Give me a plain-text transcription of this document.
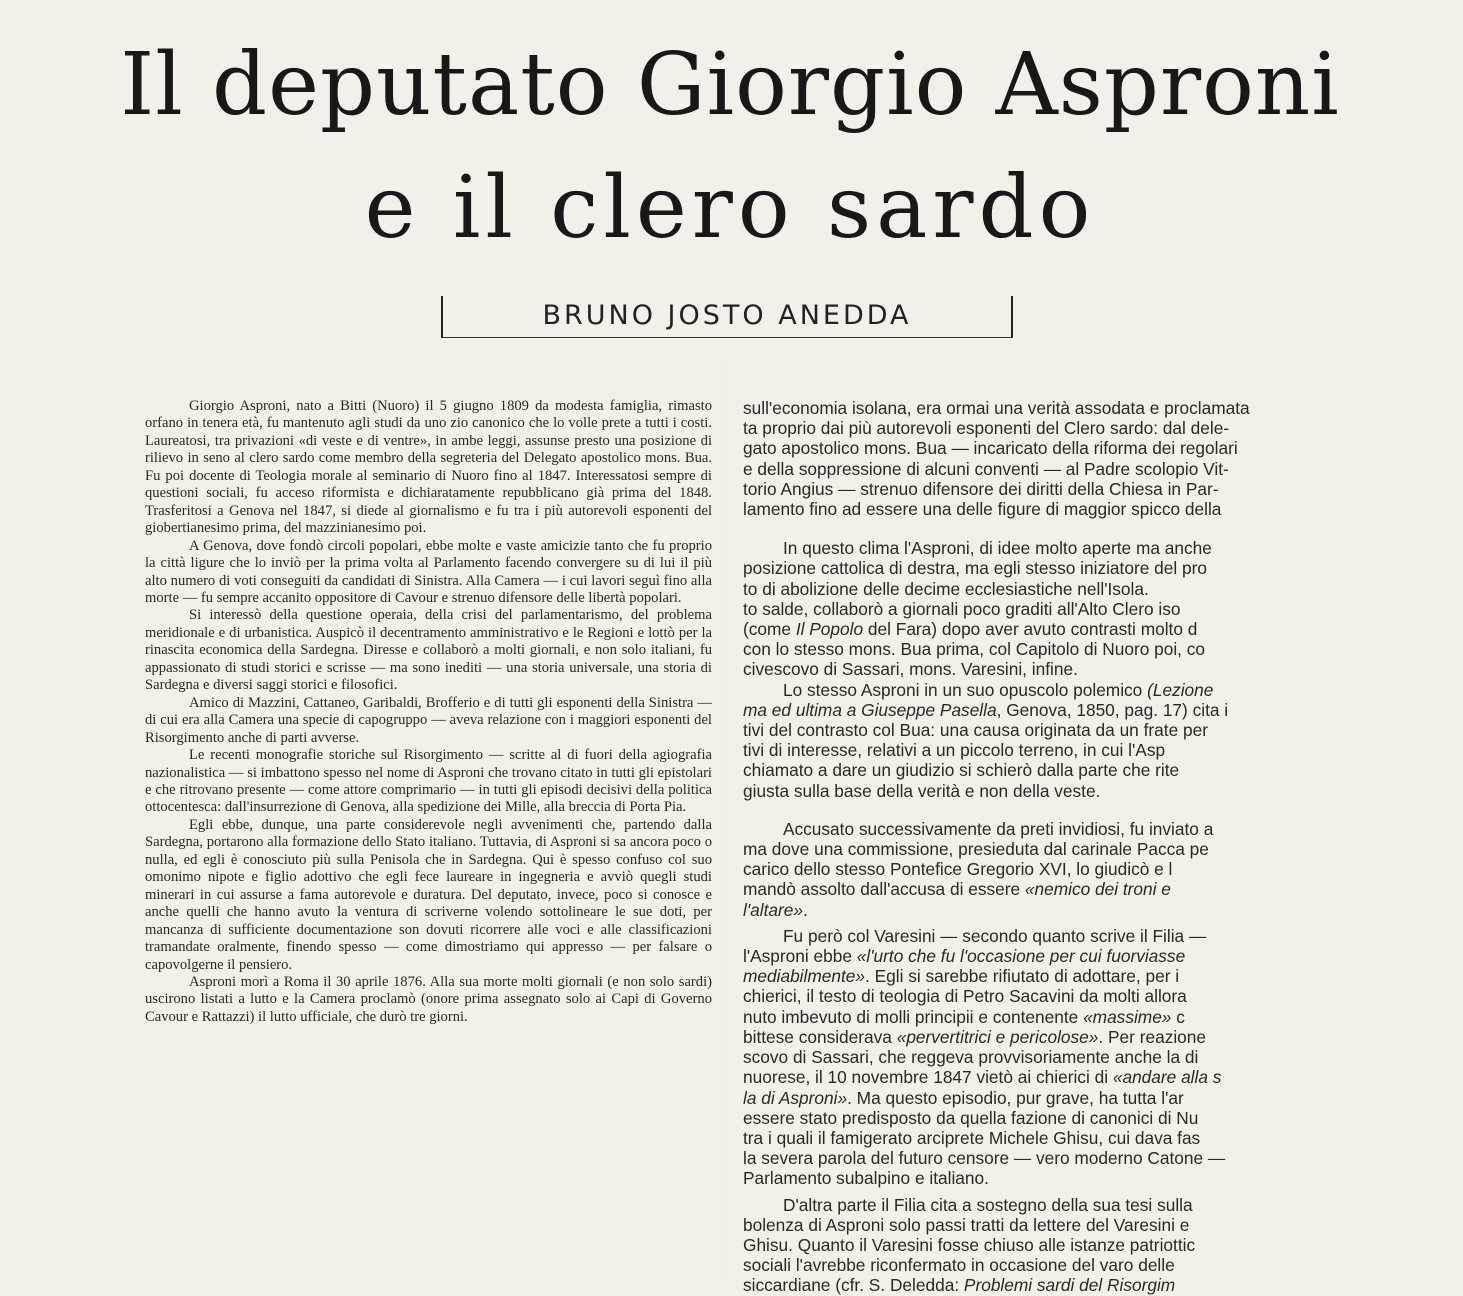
Il deputato Giorgio Asproni
e il clero sardo
BRUNO JOSTO ANEDDA

Giorgio Asproni, nato a Bitti (Nuoro) il 5 giugno 1809 da modesta famiglia, rimasto orfano in tenera età, fu mantenuto agli studi da uno zio canonico che lo volle prete a tutti i costi. Laureatosi, tra privazioni «di veste e di ventre», in ambe leggi, assunse presto una posizione di rilievo in seno al clero sardo come membro della segreteria del Delegato apostolico mons. Bua. Fu poi docente di Teologia morale al seminario di Nuoro fino al 1847. Interessatosi sempre di questioni sociali, fu acceso riformista e dichiaratamente repubblicano già prima del 1848. Trasferitosi a Genova nel 1847, si diede al giornalismo e fu tra i più autorevoli esponenti del giobertianesimo prima, del mazzinianesimo poi.

A Genova, dove fondò circoli popolari, ebbe molte e vaste amicizie tanto che fu proprio la città ligure che lo inviò per la prima volta al Parlamento facendo convergere su di lui il più alto numero di voti conseguiti da candidati di Sinistra. Alla Camera — i cui lavori seguì fino alla morte — fu sempre accanito oppositore di Cavour e strenuo difensore delle libertà popolari.

Si interessò della questione operaia, della crisi del parlamentarismo, del problema meridionale e di urbanistica. Auspicò il decentramento amministrativo e le Regioni e lottò per la rinascita economica della Sardegna. Diresse e collaborò a molti giornali, e non solo italiani, fu appassionato di studi storici e scrisse — ma sono inediti — una storia universale, una storia di Sardegna e diversi saggi storici e filosofici.

Amico di Mazzini, Cattaneo, Garibaldi, Brofferio e di tutti gli esponenti della Sinistra — di cui era alla Camera una specie di capogruppo — aveva relazione con i maggiori esponenti del Risorgimento anche di parti avverse.

Le recenti monografie storiche sul Risorgimento — scritte al di fuori della agiografia nazionalistica — si imbattono spesso nel nome di Asproni che trovano citato in tutti gli epistolari e che ritrovano presente — come attore comprimario — in tutti gli episodi decisivi della politica ottocentesca: dall'insurrezione di Genova, alla spedizione dei Mille, alla breccia di Porta Pia.

Egli ebbe, dunque, una parte considerevole negli avvenimenti che, partendo dalla Sardegna, portarono alla formazione dello Stato italiano. Tuttavia, di Asproni si sa ancora poco o nulla, ed egli è conosciuto più sulla Penisola che in Sardegna. Qui è spesso confuso col suo omonimo nipote e figlio adottivo che egli fece laureare in ingegneria e avviò quegli studi minerari in cui assurse a fama autorevole e duratura. Del deputato, invece, poco si conosce e anche quelli che hanno avuto la ventura di scriverne volendo sottolineare le sue doti, per mancanza di sufficiente documentazione son dovuti ricorrere alle voci e alle classificazioni tramandate oralmente, finendo spesso — come dimostriamo qui appresso — per falsare o capovolgerne il pensiero.

Asproni morì a Roma il 30 aprile 1876. Alla sua morte molti giornali (e non solo sardi) uscirono listati a lutto e la Camera proclamò (onore prima assegnato solo ai Capi di Governo Cavour e Rattazzi) il lutto ufficiale, che durò tre giorni.

sull'economia isolana, era ormai una verità assodata e proclamata
ta proprio dai più autorevoli esponenti del Clero sardo: dal dele-
gato apostolico mons. Bua — incaricato della riforma dei regolari
e della soppressione di alcuni conventi — al Padre scolopio Vit-
torio Angius — strenuo difensore dei diritti della Chiesa in Par-
lamento fino ad essere una delle figure di maggior spicco della

In questo clima l'Asproni, di idee molto aperte ma anche
posizione cattolica di destra, ma egli stesso iniziatore del pro
to di abolizione delle decime ecclesiastiche nell'Isola.
to salde, collaborò a giornali poco graditi all'Alto Clero iso
(come Il Popolo del Fara) dopo aver avuto contrasti molto d
con lo stesso mons. Bua prima, col Capitolo di Nuoro poi, co
civescovo di Sassari, mons. Varesini, infine.

Lo stesso Asproni in un suo opuscolo polemico (Lezione
ma ed ultima a Giuseppe Pasella, Genova, 1850, pag. 17) cita i
tivi del contrasto col Bua: una causa originata da un frate per
tivi di interesse, relativi a un piccolo terreno, in cui l'Asp
chiamato a dare un giudizio si schierò dalla parte che rite
giusta sulla base della verità e non della veste.

Accusato successivamente da preti invidiosi, fu inviato a
ma dove una commissione, presieduta dal carinale Pacca pe
carico dello stesso Pontefice Gregorio XVI, lo giudicò e l
mandò assolto dall'accusa di essere «nemico dei troni e
l'altare».

Fu però col Varesini — secondo quanto scrive il Filia —
l'Asproni ebbe «l'urto che fu l'occasione per cui fuorviasse
mediabilmente». Egli si sarebbe rifiutato di adottare, per i
chierici, il testo di teologia di Petro Sacavini da molti allora
nuto imbevuto di molli principii e contenente «massime» c
bittese considerava «pervertitrici e pericolose». Per reazione
scovo di Sassari, che reggeva provvisoriamente anche la di
nuorese, il 10 novembre 1847 vietò ai chierici di «andare alla s
la di Asproni». Ma questo episodio, pur grave, ha tutta l'ar
essere stato predisposto da quella fazione di canonici di Nu
tra i quali il famigerato arciprete Michele Ghisu, cui dava fas
la severa parola del futuro censore — vero moderno Catone —
Parlamento subalpino e italiano.

D'altra parte il Filia cita a sostegno della sua tesi sulla
bolenza di Asproni solo passi tratti da lettere del Varesini e
Ghisu. Quanto il Varesini fosse chiuso alle istanze patriottic
sociali l'avrebbe riconfermato in occasione del varo delle
siccardiane (cfr. S. Deledda: Problemi sardi del Risorgim
